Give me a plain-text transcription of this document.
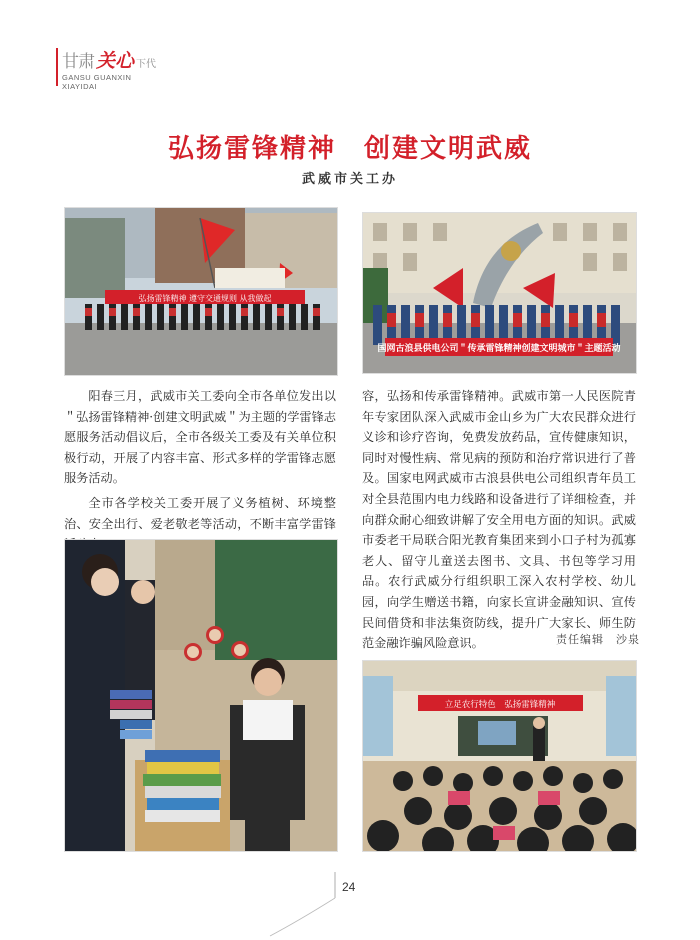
甘肃 关心 下代
GANSU GUANXIN
XIAYIDAI
弘扬雷锋精神　创建文明武威
武威市关工办
弘扬雷锋精神 遵守交通规则 从我做起
国网古浪县供电公司＂传承雷锋精神创建文明城市＂主题活动

阳春三月，武威市关工委向全市各单位发出以＂弘扬雷锋精神·创建文明武威＂为主题的学雷锋志愿服务活动倡议后，全市各级关工委及有关单位积极行动，开展了内容丰富、形式多样的学雷锋志愿服务活动。

全市各学校关工委开展了义务植树、环境整治、安全出行、爱老敬老等活动，不断丰富学雷锋

容，弘扬和传承雷锋精神。武威市第一人民医院青年专家团队深入武威市金山乡为广大农民群众进行义诊和诊疗咨询，免费发放药品，宣传健康知识，同时对慢性病、常见病的预防和治疗常识进行了普及。国家电网武威市古浪县供电公司组织青年员工对全县范围内电力线路和设备进行了详细检查，并向群众耐心细致讲解了安全用电方面的知识。武威市委老干局联合阳光教育集团来到小口子村为孤寡老人、留守儿童送去图书、文具、书包等学习用品。农行武威分行组织职工深入农村学校、幼儿园，向学生赠送书籍，向家长宣讲金融知识、宣传民间借贷和非法集资防线，提升广大家长、师生防范金融诈骗风险意识。	责任编辑　沙泉
立足农行特色　弘扬雷锋精神
24
